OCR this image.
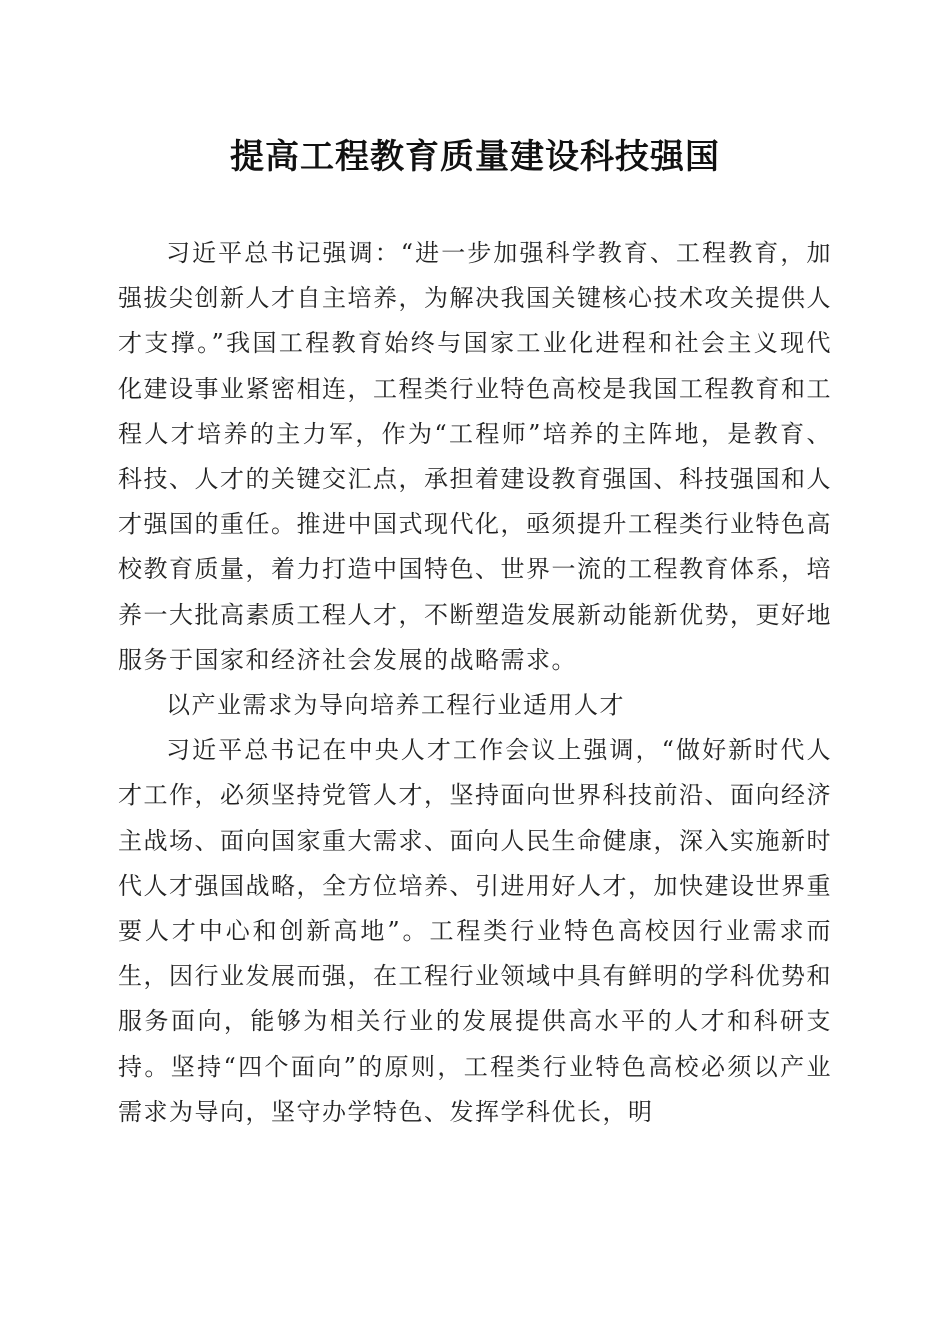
提高工程教育质量建设科技强国

习近平总书记强调：“进一步加强科学教育、工程教育，加强拔尖创新人才自主培养，为解决我国关键核心技术攻关提供人才支撑。”我国工程教育始终与国家工业化进程和社会主义现代化建设事业紧密相连，工程类行业特色高校是我国工程教育和工程人才培养的主力军，作为“工程师”培养的主阵地，是教育、科技、人才的关键交汇点，承担着建设教育强国、科技强国和人才强国的重任。推进中国式现代化，亟须提升工程类行业特色高校教育质量，着力打造中国特色、世界一流的工程教育体系，培养一大批高素质工程人才，不断塑造发展新动能新优势，更好地服务于国家和经济社会发展的战略需求。

以产业需求为导向培养工程行业适用人才

习近平总书记在中央人才工作会议上强调，“做好新时代人才工作，必须坚持党管人才，坚持面向世界科技前沿、面向经济主战场、面向国家重大需求、面向人民生命健康，深入实施新时代人才强国战略，全方位培养、引进用好人才，加快建设世界重要人才中心和创新高地”。工程类行业特色高校因行业需求而生，因行业发展而强，在工程行业领域中具有鲜明的学科优势和服务面向，能够为相关行业的发展提供高水平的人才和科研支持。坚持“四个面向”的原则，工程类行业特色高校必须以产业需求为导向，坚守办学特色、发挥学科优长，明
